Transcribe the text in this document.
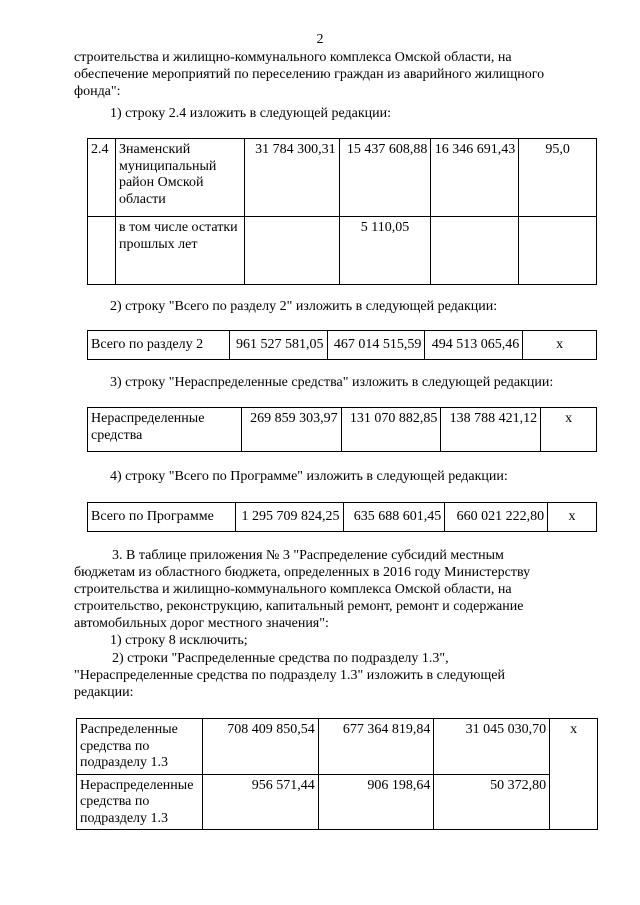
2
строительства и жилищно-коммунального комплекса Омской области, на
обеспечение мероприятий по переселению граждан из аварийного жилищного
фонда":
1) строку 2.4 изложить в следующей редакции:
2.4	Знаменский муниципальный район Омской области	31 784 300,31	15 437 608,88	16 346 691,43	95,0
	в том числе остатки прошлых лет		5 110,05		
2) строку "Всего по разделу 2" изложить в следующей редакции:
Всего по разделу 2	961 527 581,05	467 014 515,59	494 513 065,46	х
3) строку "Нераспределенные средства" изложить в следующей редакции:
Нераспределенные средства	269 859 303,97	131 070 882,85	138 788 421,12	х
4) строку "Всего по Программе" изложить в следующей редакции:
Всего по Программе	1 295 709 824,25	635 688 601,45	660 021 222,80	х
3. В таблице приложения № 3 "Распределение субсидий местным
бюджетам из областного бюджета, определенных в 2016 году Министерству
строительства и жилищно-коммунального комплекса Омской области, на
строительство, реконструкцию, капитальный ремонт, ремонт и содержание
автомобильных дорог местного значения":
1) строку 8 исключить;
2) строки "Распределенные средства по подразделу 1.3",
"Нераспределенные средства по подразделу 1.3" изложить в следующей
редакции:
Распределенные средства по подразделу 1.3	708 409 850,54	677 364 819,84	31 045 030,70	х
Нераспределенные средства по подразделу 1.3	956 571,44	906 198,64	50 372,80	
